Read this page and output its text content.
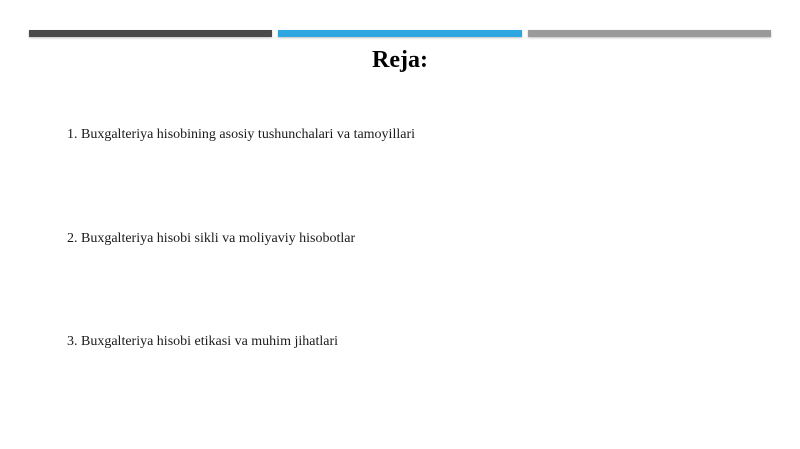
Reja:
1. Buxgalteriya hisobining asosiy tushunchalari va tamoyillari
2. Buxgalteriya hisobi sikli va moliyaviy hisobotlar
3. Buxgalteriya hisobi etikasi va muhim jihatlari
